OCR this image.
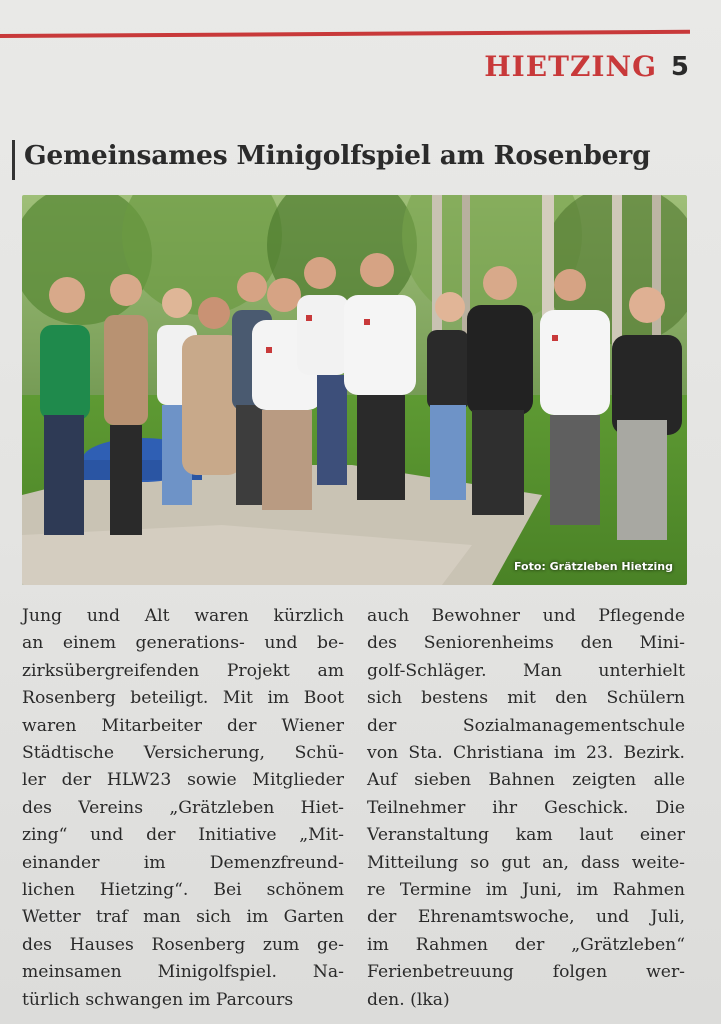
HIETZING 5
Gemeinsames Minigolfspiel am Rosenberg
Foto: Grätzleben Hietzing

Jung und Alt waren kürzlich

an einem generations- und be-

zirksübergreifenden Projekt am

Rosenberg beteiligt. Mit im Boot

waren Mitarbeiter der Wiener

Städtische Versicherung, Schü-

ler der HLW23 sowie Mitglieder

des Vereins „Grätzleben Hiet-

zing“ und der Initiative „Mit-

einander im Demenzfreund-

lichen Hietzing“. Bei schönem

Wetter traf man sich im Garten

des Hauses Rosenberg zum ge-

meinsamen Minigolfspiel. Na-

türlich schwangen im Parcours

auch Bewohner und Pflegende

des Seniorenheims den Mini-

golf-Schläger. Man unterhielt

sich bestens mit den Schülern

der Sozialmanagementschule

von Sta. Christiana im 23. Bezirk.

Auf sieben Bahnen zeigten alle

Teilnehmer ihr Geschick. Die

Veranstaltung kam laut einer

Mitteilung so gut an, dass weite-

re Termine im Juni, im Rahmen

der Ehrenamtswoche, und Juli,

im Rahmen der „Grätzleben“

Ferienbetreuung folgen wer-

den. (lka)
